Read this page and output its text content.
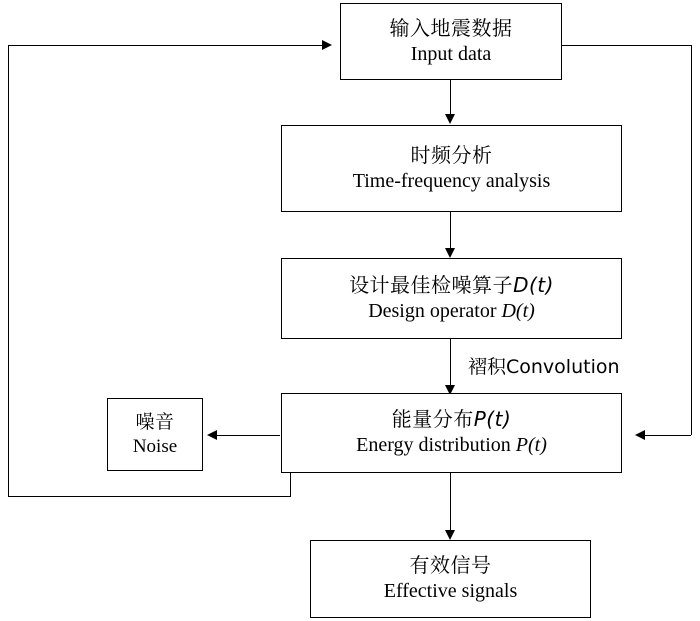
褶积Convolution
输入地震数据
Input data
时频分析
Time-frequency analysis
设计最佳检噪算子D(t)
Design operator D(t)
能量分布P(t)
Energy distribution P(t)
噪音
Noise
有效信号
Effective signals
